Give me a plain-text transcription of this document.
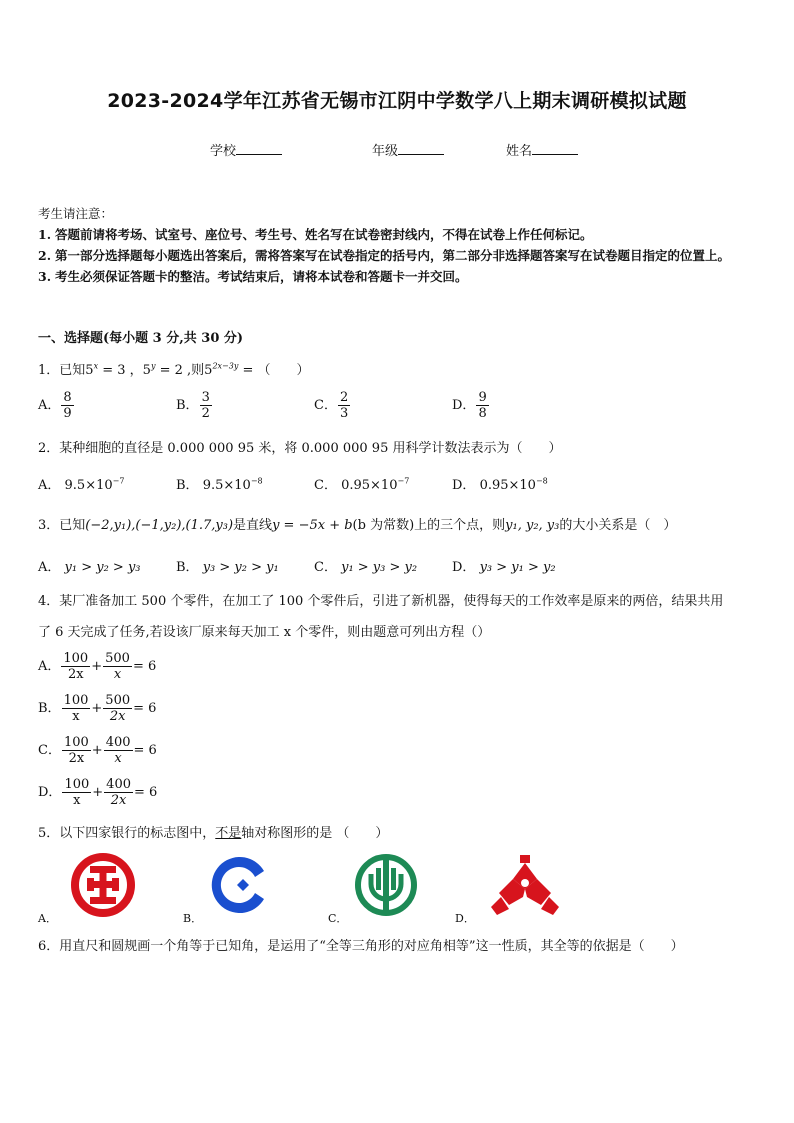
2023-2024学年江苏省无锡市江阴中学数学八上期末调研模拟试题
学校	年级	姓名
考生请注意：
1. 答题前请将考场、试室号、座位号、考生号、姓名写在试卷密封线内，不得在试卷上作任何标记。
2. 第一部分选择题每小题选出答案后，需将答案写在试卷指定的括号内，第二部分非选择题答案写在试卷题目指定的位置上。
3. 考生必须保证答题卡的整洁。考试结束后，请将本试卷和答题卡一并交回。
一、选择题(每小题 3 分,共 30 分)
1．已知$5^x = 3$ ，$5^y = 2$ ,则$5^{2x-3y}$ = （　　）
A． $\frac{8}{9}$	B． $\frac{3}{2}$	C． $\frac{2}{3}$	D． $\frac{9}{8}$
2．某种细胞的直径是 0.000 000 95 米，将 0.000 000 95 用科学计数法表示为（　　）
A． $9.5\times 10^{-7}$	B． $9.5\times 10^{-8}$	C． $0.95\times 10^{-7}$	D． $0.95\times 10^{-8}$
3．已知(−2,y₁),(−1,y₂),(1.7,y₃)是直线y = −5x + b(b 为常数)上的三个点，则y₁, y₂, y₃的大小关系是（　）
A． y₁ > y₂ > y₃	B． y₃ > y₂ > y₁	C． y₁ > y₃ > y₂	D． y₃ > y₁ > y₂
4．某厂准备加工 500 个零件，在加工了 100 个零件后，引进了新机器，使得每天的工作效率是原来的两倍，结果共用
了 6 天完成了任务,若设该厂原来每天加工 x 个零件，则由题意可列出方程（）
A． $\frac{100}{2x} + \frac{500}{x}= 6$
B． $\frac{100}{x} + \frac{500}{2x}= 6$
C． $\frac{100}{2x} + \frac{400}{x}= 6$
D． $\frac{100}{x} + \frac{400}{2x}= 6$
5．以下四家银行的标志图中，不是轴对称图形的是 （　　）
A．	B．	C．	D．
6．用直尺和圆规画一个角等于已知角，是运用了“全等三角形的对应角相等”这一性质，其全等的依据是（　　）
